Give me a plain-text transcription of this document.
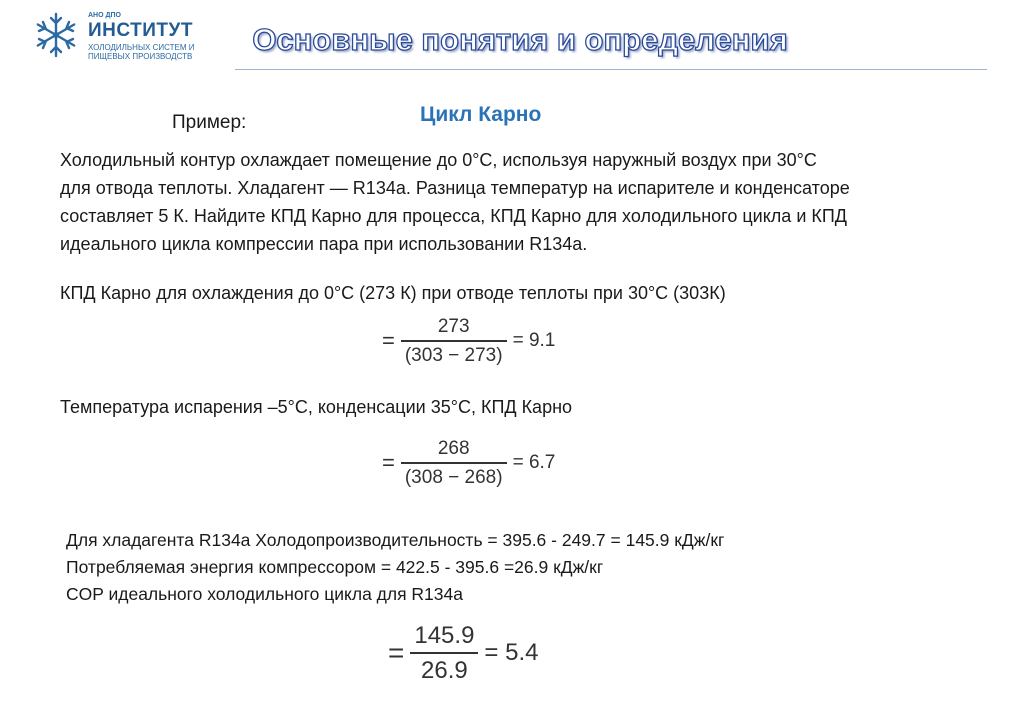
АНО ДПО
ИНСТИТУТ
ХОЛОДИЛЬНЫХ СИСТЕМ И
ПИЩЕВЫХ ПРОИЗВОДСТВ	Основные понятия и определения
Цикл Карно
Пример:
Холодильный контур охлаждает помещение до 0°C, используя наружный воздух при 30°C
для отвода теплоты. Хладагент — R134a. Разница температур на испарителе и конденсаторе
составляет 5 К. Найдите КПД Карно для процесса, КПД Карно для холодильного цикла и КПД
идеального цикла компрессии пара при использовании R134a.
КПД Карно для охлаждения до 0°C (273 К) при отводе теплоты при 30°C (303К)
= $\frac{273}{(303 - 273)} = 9.1$
Температура испарения –5°C, конденсации 35°C, КПД Карно
= $\frac{268}{(308 - 268)} = 6.7$
Для хладагента R134a Холодопроизводительность = 395.6 - 249.7 = 145.9 кДж/кг
Потребляемая энергия компрессором = 422.5 - 395.6 =26.9 кДж/кг
COP идеального холодильного цикла для R134a
= $\frac{145.9}{26.9} = 5.4$
